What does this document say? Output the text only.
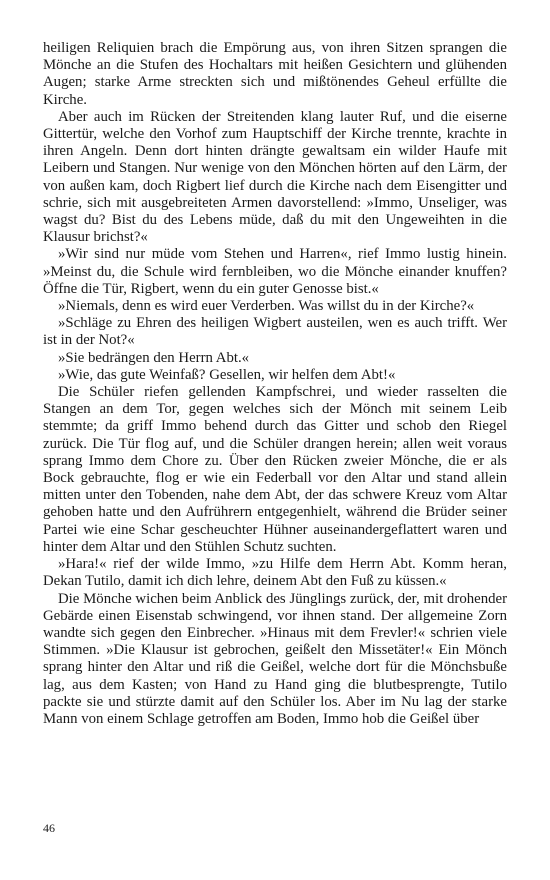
heiligen Reliquien brach die Empörung aus, von ihren Sitzen sprangen die Mönche an die Stufen des Hochaltars mit heißen Gesichtern und glühenden Augen; starke Arme streckten sich und mißtönendes Geheul erfüllte die Kirche.

Aber auch im Rücken der Streitenden klang lauter Ruf, und die eiserne Gittertür, welche den Vorhof zum Hauptschiff der Kirche trennte, krachte in ihren Angeln. Denn dort hinten drängte gewaltsam ein wilder Haufe mit Leibern und Stangen. Nur wenige von den Mönchen hörten auf den Lärm, der von außen kam, doch Rigbert lief durch die Kirche nach dem Eisengitter und schrie, sich mit ausgebreiteten Armen davorstellend: »Immo, Unseliger, was wagst du? Bist du des Lebens müde, daß du mit den Ungeweihten in die Klausur brichst?«

»Wir sind nur müde vom Stehen und Harren«, rief Immo lustig hinein. »Meinst du, die Schule wird fernbleiben, wo die Mönche einander knuffen? Öffne die Tür, Rigbert, wenn du ein guter Genosse bist.«

»Niemals, denn es wird euer Verderben. Was willst du in der Kirche?«

»Schläge zu Ehren des heiligen Wigbert austeilen, wen es auch trifft. Wer ist in der Not?«

»Sie bedrängen den Herrn Abt.«

»Wie, das gute Weinfaß? Gesellen, wir helfen dem Abt!«

Die Schüler riefen gellenden Kampfschrei, und wieder rasselten die Stangen an dem Tor, gegen welches sich der Mönch mit seinem Leib stemmte; da griff Immo behend durch das Gitter und schob den Riegel zurück. Die Tür flog auf, und die Schüler drangen herein; allen weit voraus sprang Immo dem Chore zu. Über den Rücken zweier Mönche, die er als Bock gebrauchte, flog er wie ein Federball vor den Altar und stand allein mitten unter den Tobenden, nahe dem Abt, der das schwere Kreuz vom Altar gehoben hatte und den Aufrührern entgegenhielt, während die Brüder seiner Partei wie eine Schar gescheuchter Hühner auseinandergeflattert waren und hinter dem Altar und den Stühlen Schutz suchten.

»Hara!« rief der wilde Immo, »zu Hilfe dem Herrn Abt. Komm heran, Dekan Tutilo, damit ich dich lehre, deinem Abt den Fuß zu küssen.«

Die Mönche wichen beim Anblick des Jünglings zurück, der, mit drohender Gebärde einen Eisenstab schwingend, vor ihnen stand. Der allgemeine Zorn wandte sich gegen den Einbrecher. »Hinaus mit dem Frevler!« schrien viele Stimmen. »Die Klausur ist gebrochen, geißelt den Missetäter!« Ein Mönch sprang hinter den Altar und riß die Geißel, welche dort für die Mönchsbuße lag, aus dem Kasten; von Hand zu Hand ging die blutbesprengte, Tutilo packte sie und stürzte damit auf den Schüler los. Aber im Nu lag der starke Mann von einem Schlage getroffen am Boden, Immo hob die Geißel über

46
